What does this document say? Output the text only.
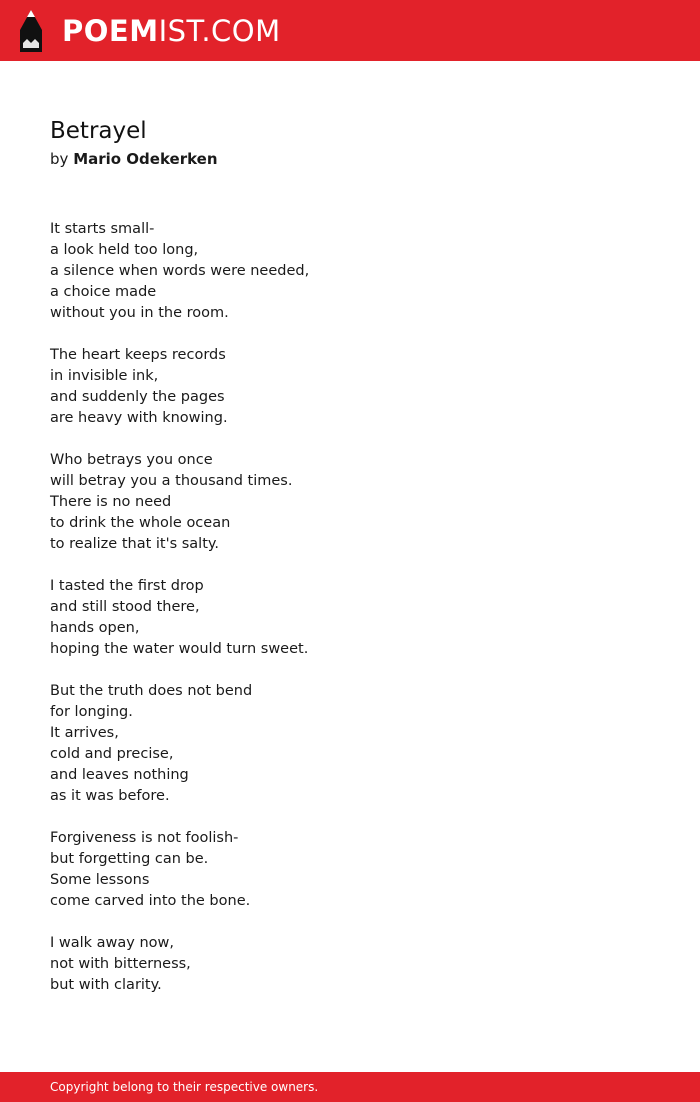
POEMIST.COM
Betrayel
by Mario Odekerken
It starts small-
a look held too long,
a silence when words were needed,
a choice made
without you in the room.
The heart keeps records
in invisible ink,
and suddenly the pages
are heavy with knowing.
Who betrays you once
will betray you a thousand times.
There is no need
to drink the whole ocean
to realize that it's salty.
I tasted the first drop
and still stood there,
hands open,
hoping the water would turn sweet.
But the truth does not bend
for longing.
It arrives,
cold and precise,
and leaves nothing
as it was before.
Forgiveness is not foolish-
but forgetting can be.
Some lessons
come carved into the bone.
I walk away now,
not with bitterness,
but with clarity.
Copyright belong to their respective owners.
